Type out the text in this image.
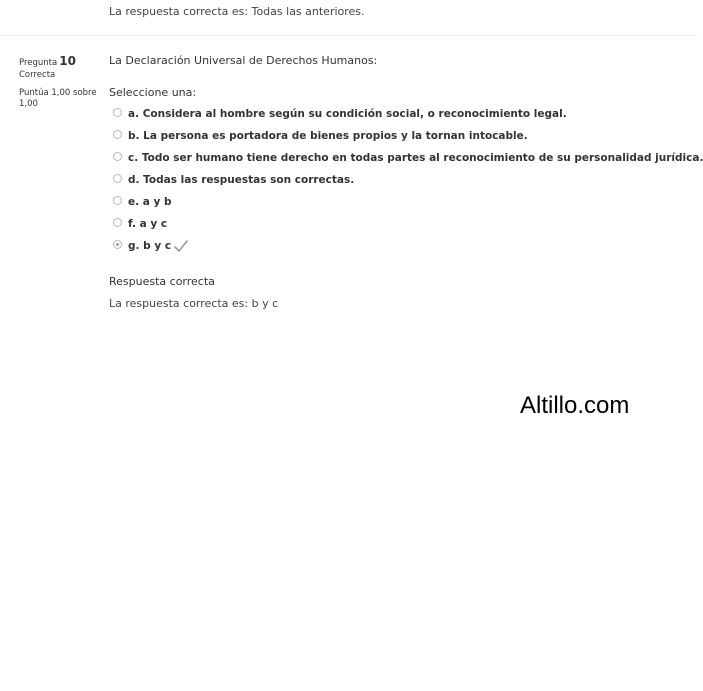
La respuesta correcta es: Todas las anteriores.
Pregunta 10
Correcta
Puntúa 1,00 sobre 1,00
La Declaración Universal de Derechos Humanos:
Seleccione una:
a. Considera al hombre según su condición social, o reconocimiento legal.
b. La persona es portadora de bienes propios y la tornan intocable.
c. Todo ser humano tiene derecho en todas partes al reconocimiento de su personalidad jurídica.
d. Todas las respuestas son correctas.
e. a y b
f. a y c
g. b y c
Respuesta correcta
La respuesta correcta es: b y c
Altillo.com
